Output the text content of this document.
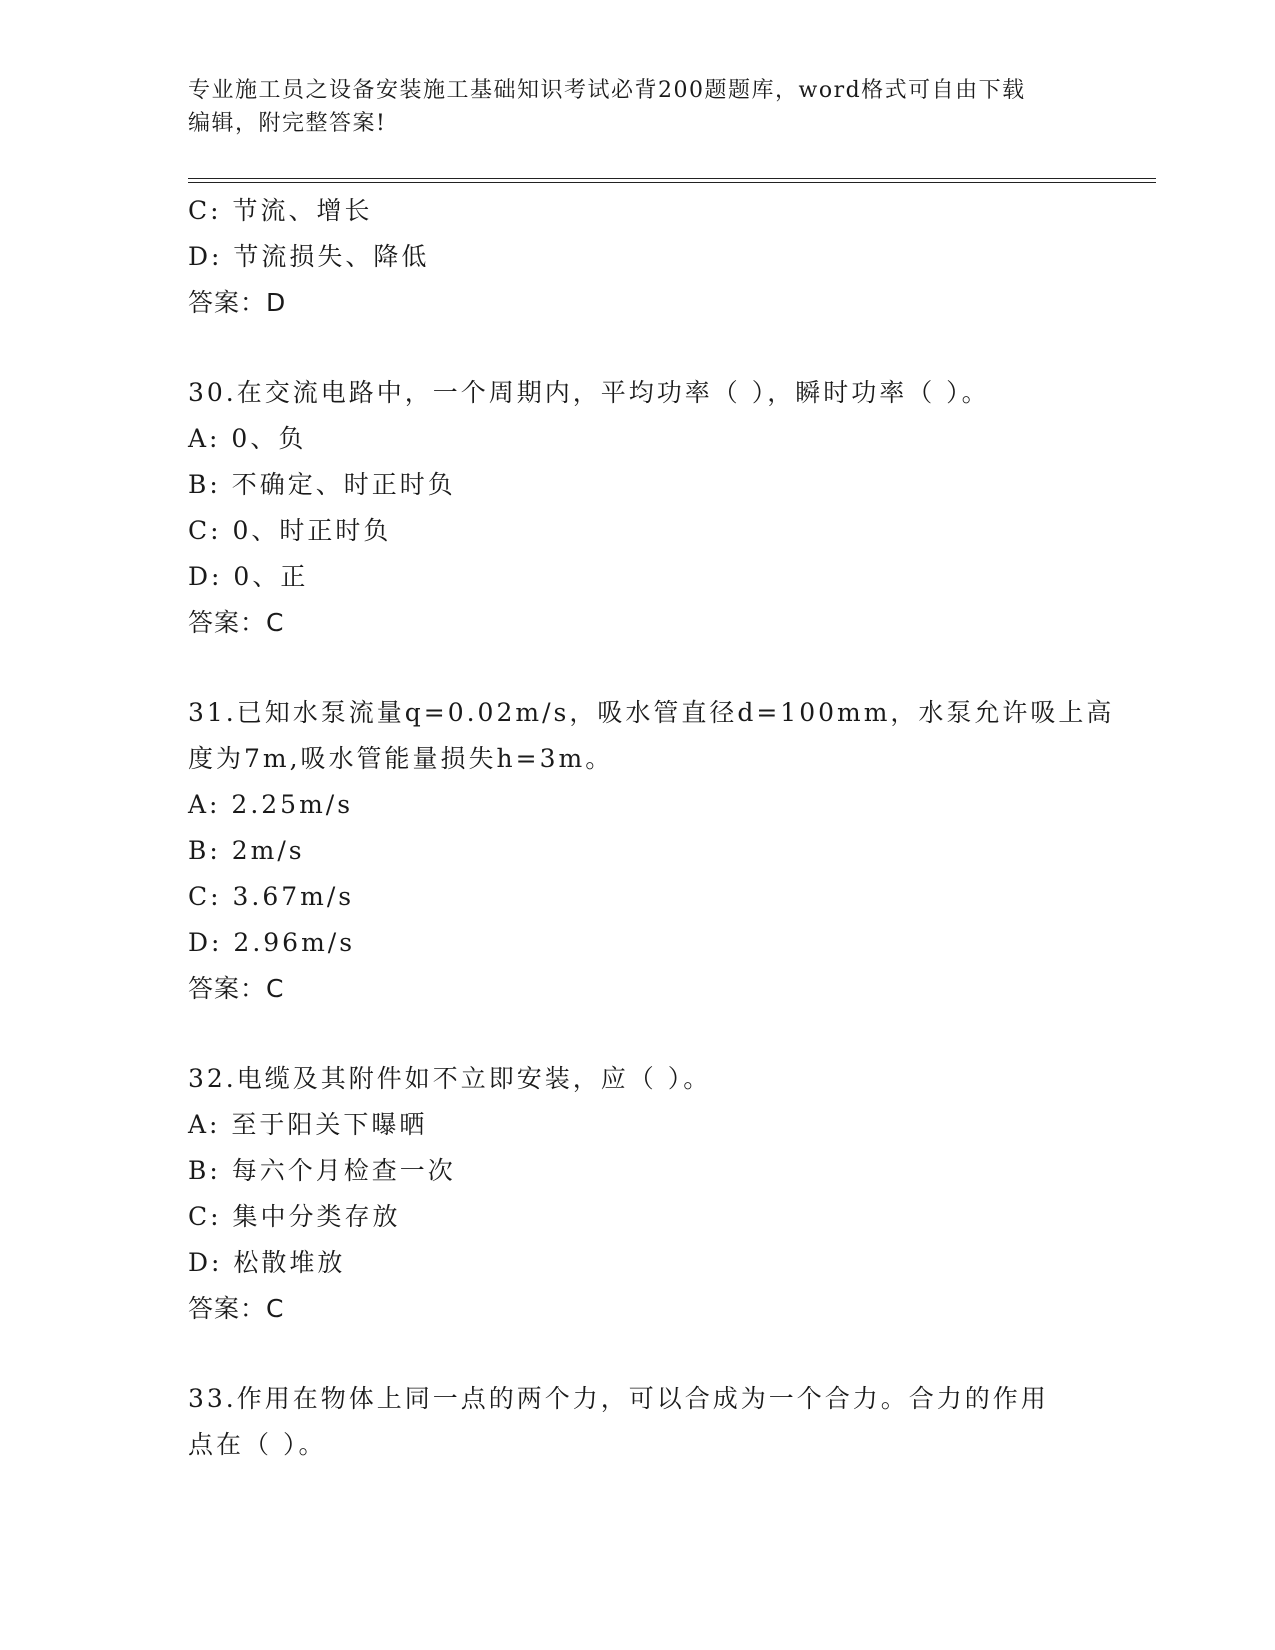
专业施工员之设备安装施工基础知识考试必背200题题库，word格式可自由下载
编辑，附完整答案!
C: 节流、增长
D: 节流损失、降低
答案：D
30.在交流电路中，一个周期内，平均功率（ ），瞬时功率（ ）。
A: 0、负
B: 不确定、时正时负
C: 0、时正时负
D: 0、正
答案：C
31.已知水泵流量q=0.02m/s，吸水管直径d=100mm，水泵允许吸上高
度为7m,吸水管能量损失h=3m。
A: 2.25m/s
B: 2m/s
C: 3.67m/s
D: 2.96m/s
答案：C
32.电缆及其附件如不立即安装，应（ ）。
A: 至于阳关下曝晒
B: 每六个月检查一次
C: 集中分类存放
D: 松散堆放
答案：C
33.作用在物体上同一点的两个力，可以合成为一个合力。合力的作用
点在（ ）。
